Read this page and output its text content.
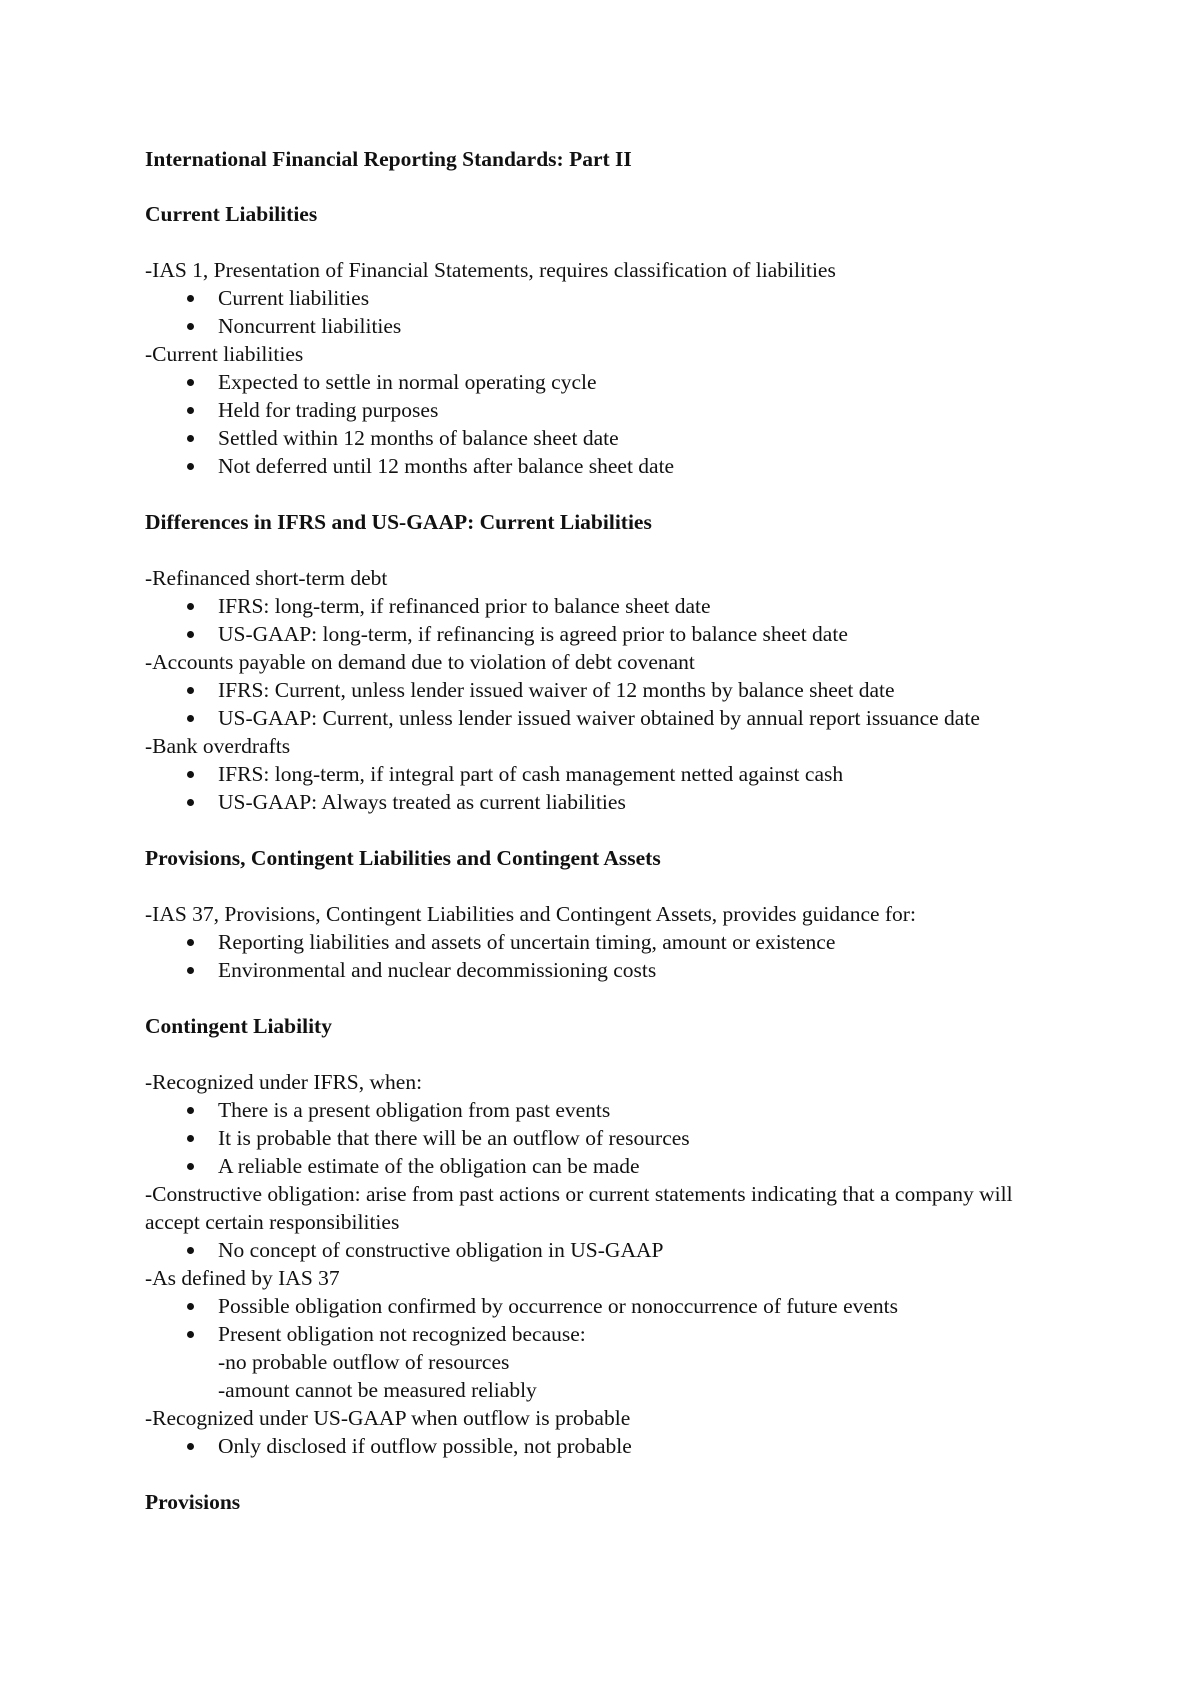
International Financial Reporting Standards: Part II
Current Liabilities
-IAS 1, Presentation of Financial Statements, requires classification of liabilities
Current liabilities
Noncurrent liabilities
-Current liabilities
Expected to settle in normal operating cycle
Held for trading purposes
Settled within 12 months of balance sheet date
Not deferred until 12 months after balance sheet date
Differences in IFRS and US-GAAP: Current Liabilities
-Refinanced short-term debt
IFRS: long-term, if refinanced prior to balance sheet date
US-GAAP: long-term, if refinancing is agreed prior to balance sheet date
-Accounts payable on demand due to violation of debt covenant
IFRS: Current, unless lender issued waiver of 12 months by balance sheet date
US-GAAP: Current, unless lender issued waiver obtained by annual report issuance date
-Bank overdrafts
IFRS: long-term, if integral part of cash management netted against cash
US-GAAP: Always treated as current liabilities
Provisions, Contingent Liabilities and Contingent Assets
-IAS 37, Provisions, Contingent Liabilities and Contingent Assets, provides guidance for:
Reporting liabilities and assets of uncertain timing, amount or existence
Environmental and nuclear decommissioning costs
Contingent Liability
-Recognized under IFRS, when:
There is a present obligation from past events
It is probable that there will be an outflow of resources
A reliable estimate of the obligation can be made
-Constructive obligation: arise from past actions or current statements indicating that a company will accept certain responsibilities
No concept of constructive obligation in US-GAAP
-As defined by IAS 37
Possible obligation confirmed by occurrence or nonoccurrence of future events
Present obligation not recognized because:
-no probable outflow of resources
-amount cannot be measured reliably
-Recognized under US-GAAP when outflow is probable
Only disclosed if outflow possible, not probable
Provisions
